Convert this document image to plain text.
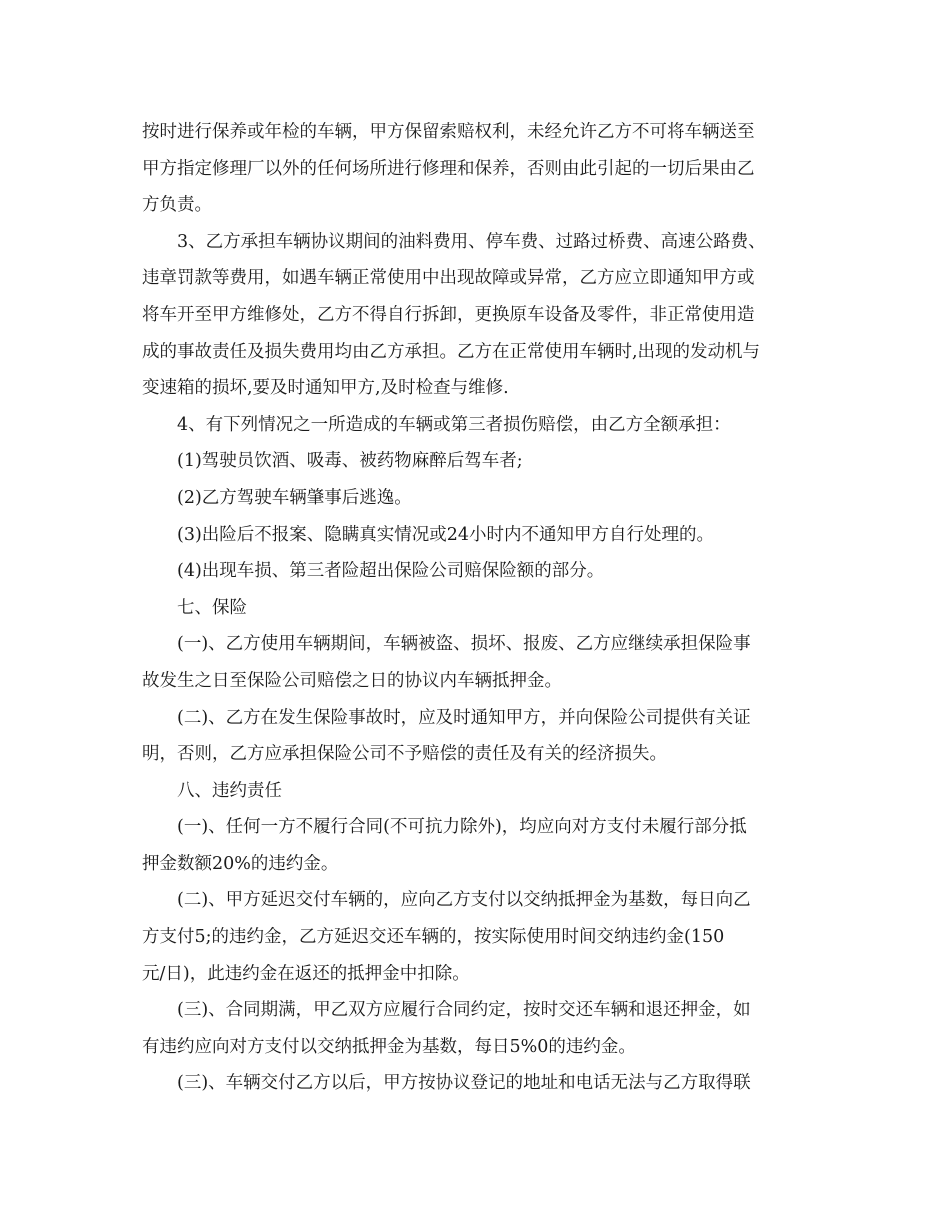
按时进行保养或年检的车辆，甲方保留索赔权利，未经允许乙方不可将车辆送至
甲方指定修理厂以外的任何场所进行修理和保养，否则由此引起的一切后果由乙
方负责。
3、乙方承担车辆协议期间的油料费用、停车费、过路过桥费、高速公路费、
违章罚款等费用，如遇车辆正常使用中出现故障或异常，乙方应立即通知甲方或
将车开至甲方维修处，乙方不得自行拆卸，更换原车设备及零件，非正常使用造
成的事故责任及损失费用均由乙方承担。乙方在正常使用车辆时,出现的发动机与
变速箱的损坏,要及时通知甲方,及时检查与维修.
4、有下列情况之一所造成的车辆或第三者损伤赔偿，由乙方全额承担：
(1)驾驶员饮酒、吸毒、被药物麻醉后驾车者;
(2)乙方驾驶车辆肇事后逃逸。
(3)出险后不报案、隐瞒真实情况或24小时内不通知甲方自行处理的。
(4)出现车损、第三者险超出保险公司赔保险额的部分。
七、保险
(一)、乙方使用车辆期间，车辆被盗、损坏、报废、乙方应继续承担保险事
故发生之日至保险公司赔偿之日的协议内车辆抵押金。
(二)、乙方在发生保险事故时，应及时通知甲方，并向保险公司提供有关证
明，否则，乙方应承担保险公司不予赔偿的责任及有关的经济损失。
八、违约责任
(一)、任何一方不履行合同(不可抗力除外)，均应向对方支付未履行部分抵
押金数额20%的违约金。
(二)、甲方延迟交付车辆的，应向乙方支付以交纳抵押金为基数，每日向乙
方支付5;的违约金，乙方延迟交还车辆的，按实际使用时间交纳违约金(150
元/日)，此违约金在返还的抵押金中扣除。
(三)、合同期满，甲乙双方应履行合同约定，按时交还车辆和退还押金，如
有违约应向对方支付以交纳抵押金为基数，每日5%0的违约金。
(三)、车辆交付乙方以后，甲方按协议登记的地址和电话无法与乙方取得联
